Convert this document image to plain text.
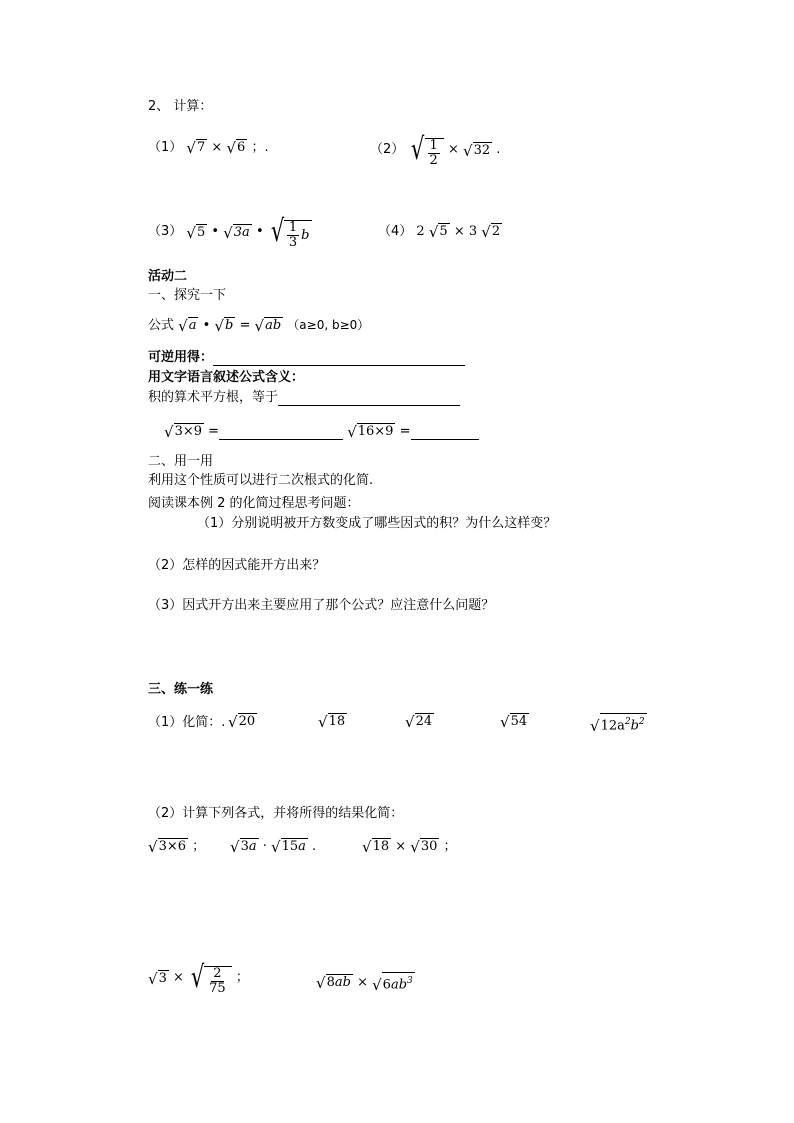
2、 计算：
（1） √ 7 × √ 6 ；.	（2） √ $\frac{1}{2}$ × √ 32 .
（3） √ 5 • √ 3a • √ $\frac{1}{3}$ b	（4） 2 √ 5 × 3 √ 2
活动二
一、探究一下
公式 √ a • √ b = √ ab （a≥0, b≥0）
可逆用得：
用文字语言叙述公式含义：
积的算术平方根，等于
√ 3×9 =	√ 16×9 =
二、用一用
利用这个性质可以进行二次根式的化简.
阅读课本例 2 的化简过程思考问题：
（1）分别说明被开方数变成了哪些因式的积？为什么这样变？
（2）怎样的因式能开方出来？
（3）因式开方出来主要应用了那个公式？应注意什么问题？
三、练一练
（1）化简：. √ 20	√ 18	√ 24	√ 54	√ $12a^2b^2$
（2）计算下列各式，并将所得的结果化简：
√ 3×6 ； √ 3a · √ 15a .	√ 18 × √ 30 ；
√ 3 × √ $\frac{2}{75}$ ；	√ 8ab × √ $6ab^3$
